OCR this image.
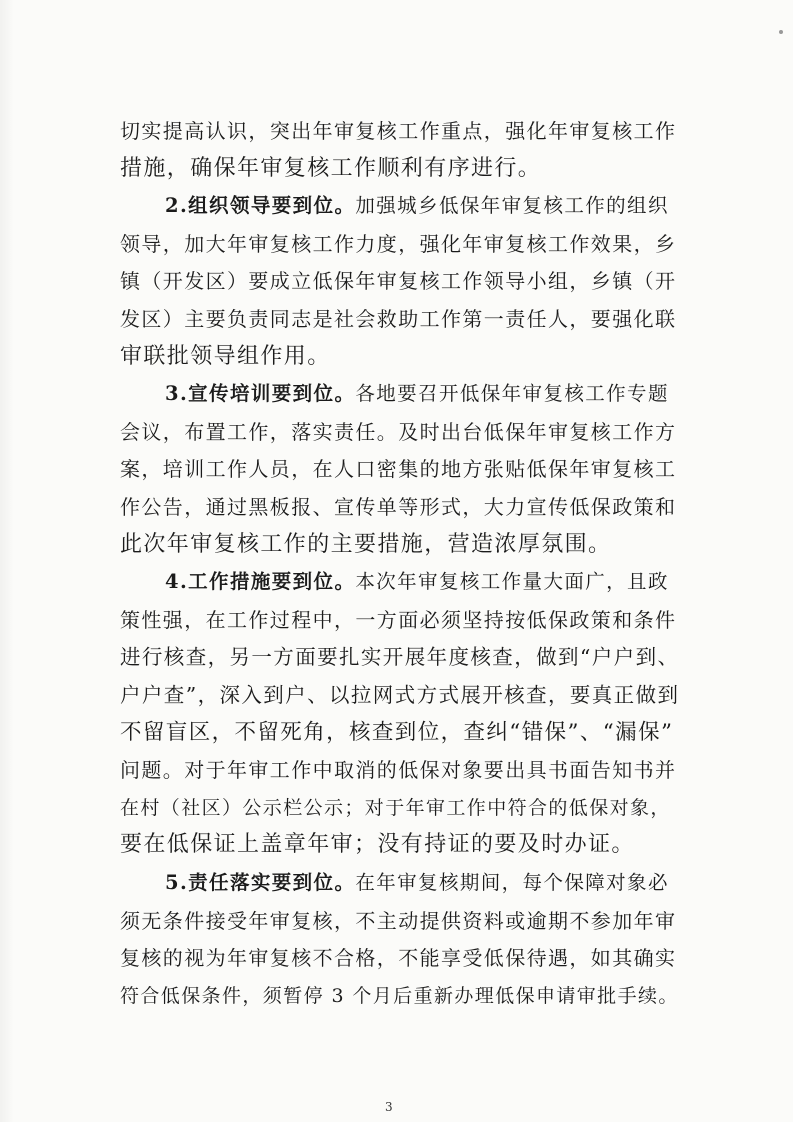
切实提高认识，突出年审复核工作重点，强化年审复核工作
措施，确保年审复核工作顺利有序进行。
2.组织领导要到位。加强城乡低保年审复核工作的组织
领导，加大年审复核工作力度，强化年审复核工作效果，乡
镇（开发区）要成立低保年审复核工作领导小组，乡镇（开
发区）主要负责同志是社会救助工作第一责任人，要强化联
审联批领导组作用。
3.宣传培训要到位。各地要召开低保年审复核工作专题
会议，布置工作，落实责任。及时出台低保年审复核工作方
案，培训工作人员，在人口密集的地方张贴低保年审复核工
作公告，通过黑板报、宣传单等形式，大力宣传低保政策和
此次年审复核工作的主要措施，营造浓厚氛围。
4.工作措施要到位。本次年审复核工作量大面广，且政
策性强，在工作过程中，一方面必须坚持按低保政策和条件
进行核查，另一方面要扎实开展年度核查，做到“户户到、
户户查”，深入到户、以拉网式方式展开核查，要真正做到
不留盲区，不留死角，核查到位，查纠“错保”、“漏保”
问题。对于年审工作中取消的低保对象要出具书面告知书并
在村（社区）公示栏公示；对于年审工作中符合的低保对象，
要在低保证上盖章年审；没有持证的要及时办证。
5.责任落实要到位。在年审复核期间，每个保障对象必
须无条件接受年审复核，不主动提供资料或逾期不参加年审
复核的视为年审复核不合格，不能享受低保待遇，如其确实
符合低保条件，须暂停 3 个月后重新办理低保申请审批手续。
3
